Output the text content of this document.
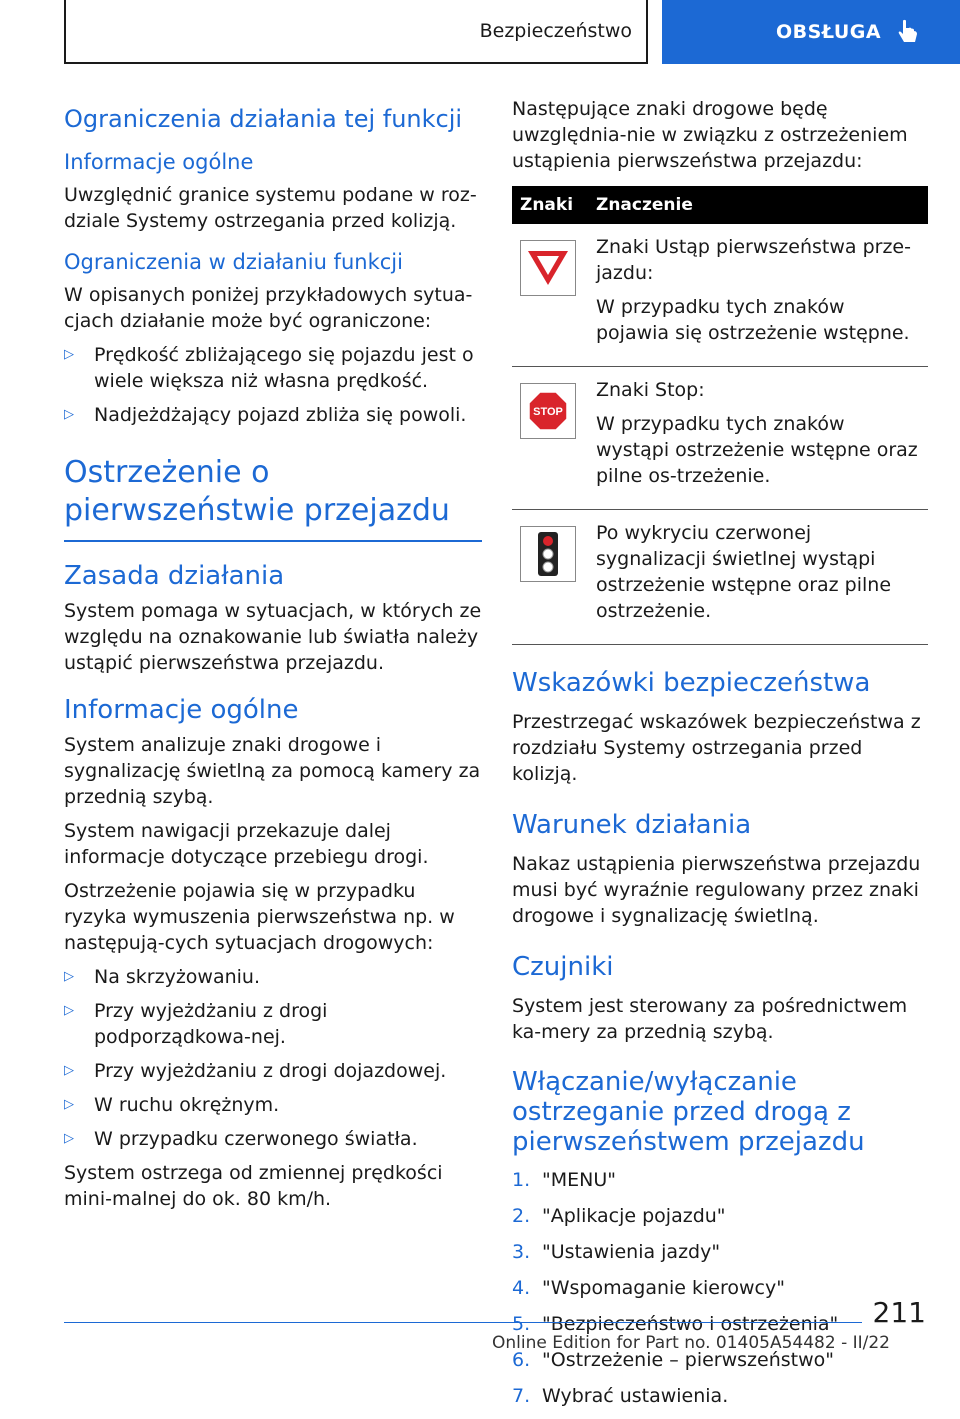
Bezpieczeństwo	OBSŁUGA
Ograniczenia działania tej funkcji
Informacje ogólne

Uwzględnić granice systemu podane w roz-dziale Systemy ostrzegania przed kolizją.

Ograniczenia w działaniu funkcji

W opisanych poniżej przykładowych sytua-cjach działanie może być ograniczone:

▷ Prędkość zbliżającego się pojazdu jest o wiele większa niż własna prędkość.
▷ Nadjeżdżający pojazd zbliża się powoli.
Ostrzeżenie o
pierwszeństwie przejazdu
Zasada działania

System pomaga w sytuacjach, w których ze względu na oznakowanie lub światła należy ustąpić pierwszeństwa przejazdu.

Informacje ogólne

System analizuje znaki drogowe i sygnalizację świetlną za pomocą kamery za przednią szybą.

System nawigacji przekazuje dalej informacje dotyczące przebiegu drogi.

Ostrzeżenie pojawia się w przypadku ryzyka wymuszenia pierwszeństwa np. w następują-cych sytuacjach drogowych:

▷ Na skrzyżowaniu.
▷ Przy wyjeżdżaniu z drogi podporządkowa-nej.
▷ Przy wyjeżdżaniu z drogi dojazdowej.
▷ W ruchu okrężnym.
▷ W przypadku czerwonego światła.

System ostrzega od zmiennej prędkości mini-malnej do ok. 80 km/h.

Następujące znaki drogowe będę uwzględnia-nie w związku z ostrzeżeniem ustąpienia pierwszeństwa przejazdu:

Znaki	Znaczenie

Znaki Ustąp pierwszeństwa prze-jazdu:

W przypadku tych znaków pojawia się ostrzeżenie wstępne.

STOP	Znaki Stop:

W przypadku tych znaków wystąpi ostrzeżenie wstępne oraz pilne os-trzeżenie.

Po wykryciu czerwonej sygnalizacji świetlnej wystąpi ostrzeżenie wstępne oraz pilne ostrzeżenie.

Wskazówki bezpieczeństwa

Przestrzegać wskazówek bezpieczeństwa z rozdziału Systemy ostrzegania przed kolizją.

Warunek działania

Nakaz ustąpienia pierwszeństwa przejazdu musi być wyraźnie regulowany przez znaki drogowe i sygnalizację świetlną.

Czujniki

System jest sterowany za pośrednictwem ka-mery za przednią szybą.

Włączanie/wyłączanie ostrzeganie przed drogą z pierwszeństwem przejazdu
1. "MENU"
2. "Aplikacje pojazdu"
3. "Ustawienia jazdy"
4. "Wspomaganie kierowcy"
5. "Bezpieczeństwo i ostrzeżenia"
6. "Ostrzeżenie – pierwszeństwo"
7. Wybrać ustawienia.
211
Online Edition for Part no. 01405A54482 - II/22
